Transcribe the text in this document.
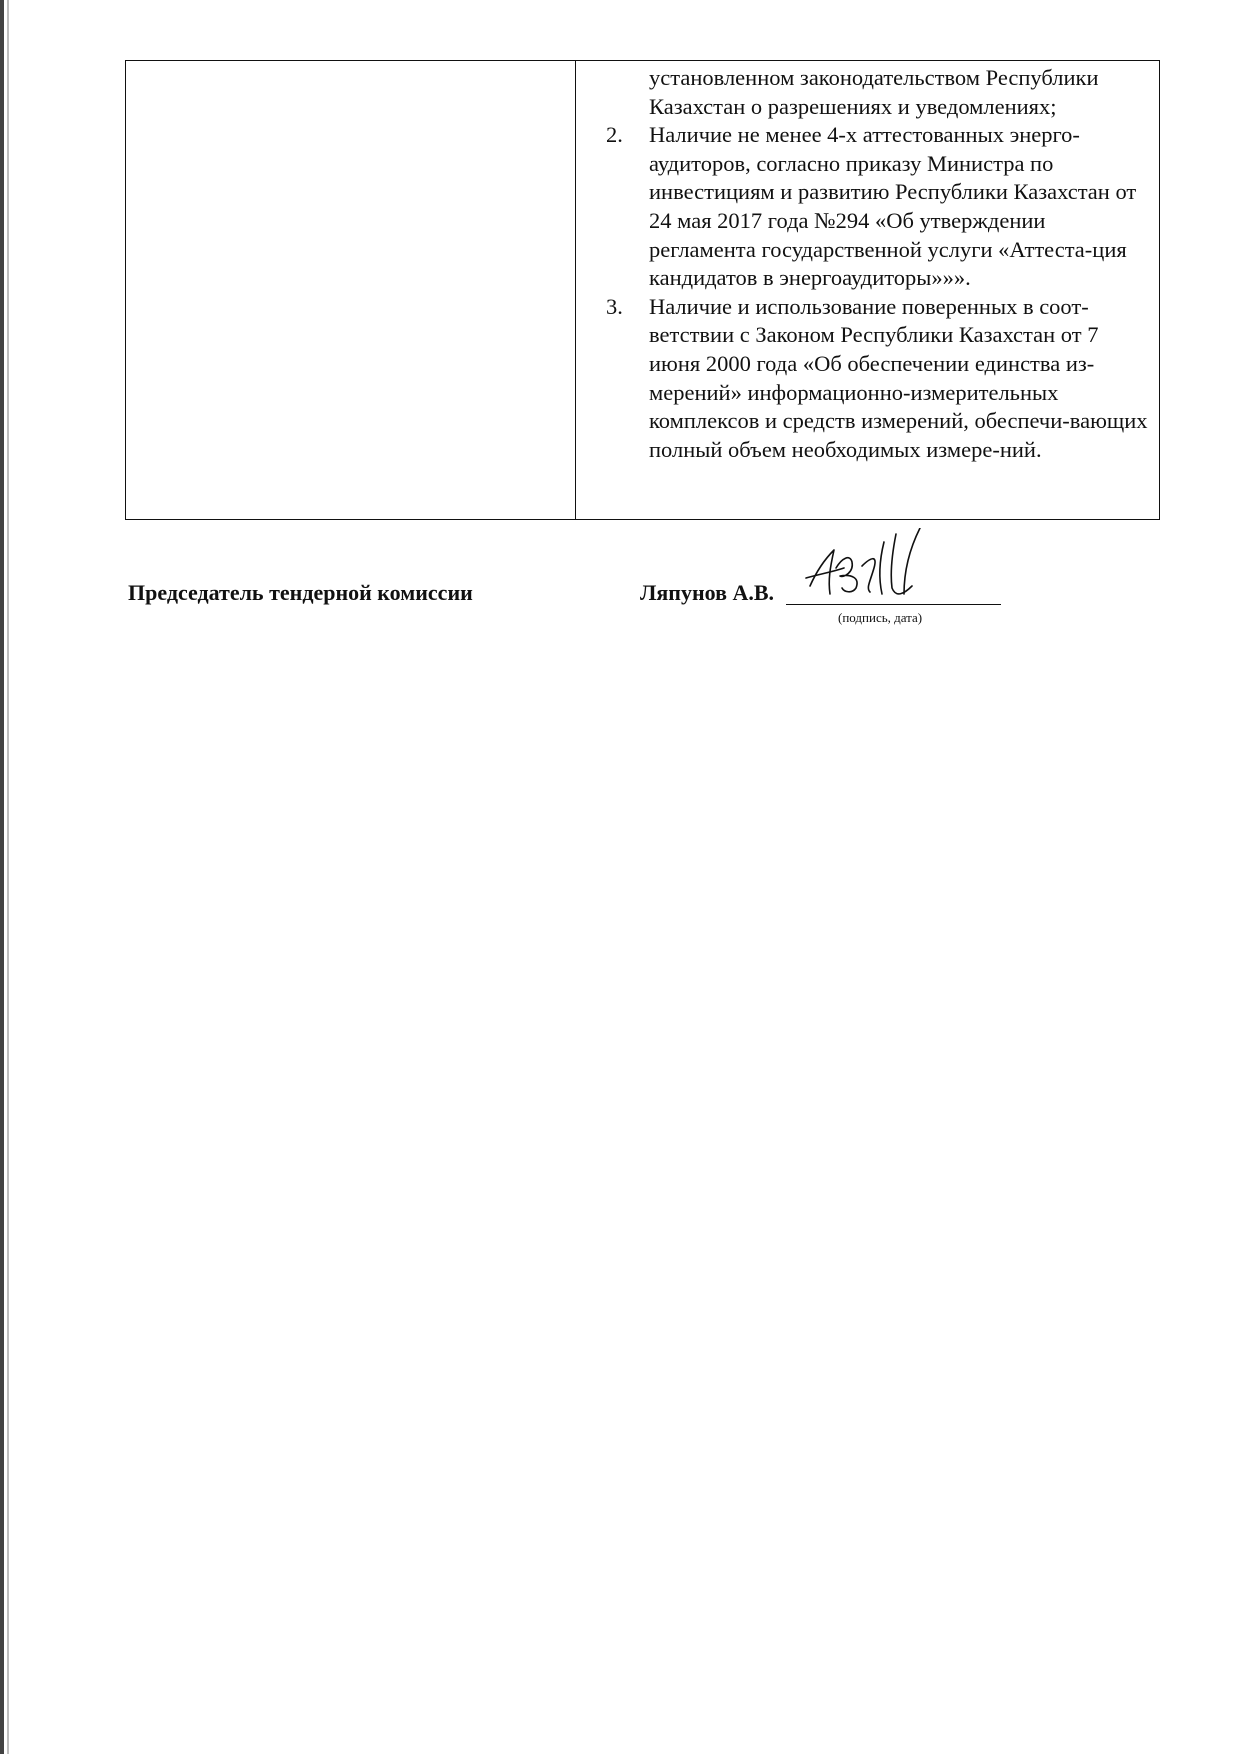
установленном законодательством Республики Казахстан о разрешениях и уведомлениях;

2. Наличие не менее 4-х аттестованных энерго-аудиторов, согласно приказу Министра по инвестициям и развитию Республики Казахстан от 24 мая 2017 года №294 «Об утверждении регламента государственной услуги «Аттеста-ция кандидатов в энергоаудиторы»»».
3. Наличие и использование поверенных в соот-ветствии с Законом Республики Казахстан от 7 июня 2000 года «Об обеспечении единства из-мерений» информационно-измерительных комплексов и средств измерений, обеспечи-вающих полный объем необходимых измере-ний.
Председатель тендерной комиссии	Ляпунов А.В.
(подпись, дата)
